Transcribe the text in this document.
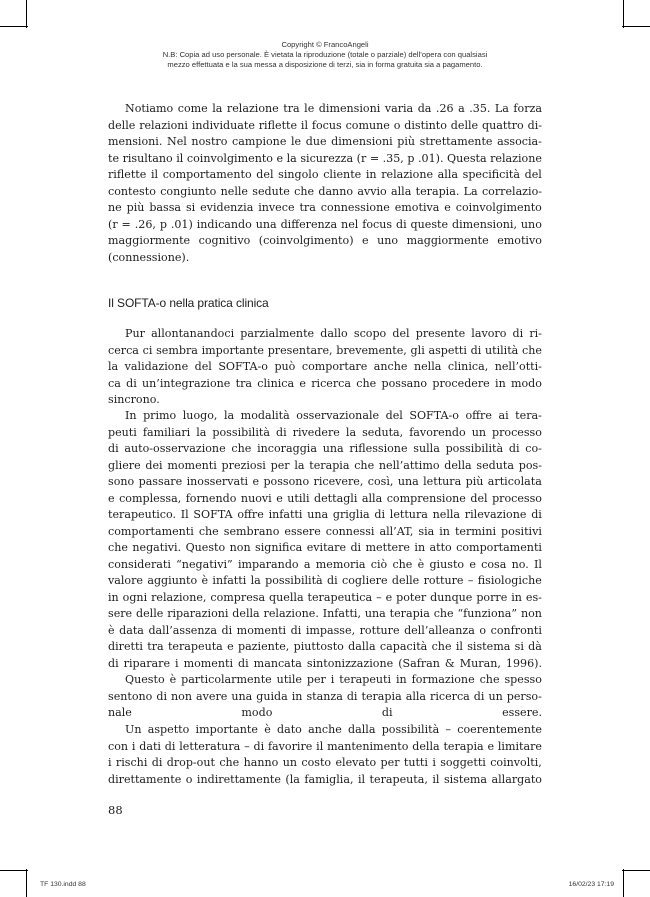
Copyright © FrancoAngeli
N.B: Copia ad uso personale. È vietata la riproduzione (totale o parziale) dell’opera con qualsiasi
mezzo effettuata e la sua messa a disposizione di terzi, sia in forma gratuita sia a pagamento.
Notiamo come la relazione tra le dimensioni varia da .26 a .35. La forza
delle relazioni individuate riflette il focus comune o distinto delle quattro di-
mensioni. Nel nostro campione le due dimensioni più strettamente associa-
te risultano il coinvolgimento e la sicurezza (r = .35, p .01). Questa relazione
riflette il comportamento del singolo cliente in relazione alla specificità del
contesto congiunto nelle sedute che danno avvio alla terapia. La correlazio-
ne più bassa si evidenzia invece tra connessione emotiva e coinvolgimento
(r = .26, p .01) indicando una differenza nel focus di queste dimensioni, uno
maggiormente cognitivo (coinvolgimento) e uno maggiormente emotivo
(connessione).
Il SOFTA-o nella pratica clinica
Pur allontanandoci parzialmente dallo scopo del presente lavoro di ri-
cerca ci sembra importante presentare, brevemente, gli aspetti di utilità che
la validazione del SOFTA-o può comportare anche nella clinica, nell’otti-
ca di un’integrazione tra clinica e ricerca che possano procedere in modo
sincrono.
In primo luogo, la modalità osservazionale del SOFTA-o offre ai tera-
peuti familiari la possibilità di rivedere la seduta, favorendo un processo
di auto-osservazione che incoraggia una riflessione sulla possibilità di co-
gliere dei momenti preziosi per la terapia che nell’attimo della seduta pos-
sono passare inosservati e possono ricevere, così, una lettura più articolata
e complessa, fornendo nuovi e utili dettagli alla comprensione del processo
terapeutico. Il SOFTA offre infatti una griglia di lettura nella rilevazione di
comportamenti che sembrano essere connessi all’AT, sia in termini positivi
che negativi. Questo non significa evitare di mettere in atto comportamenti
considerati “negativi” imparando a memoria ciò che è giusto e cosa no. Il
valore aggiunto è infatti la possibilità di cogliere delle rotture – fisiologiche
in ogni relazione, compresa quella terapeutica – e poter dunque porre in es-
sere delle riparazioni della relazione. Infatti, una terapia che “funziona” non
è data dall’assenza di momenti di impasse, rotture dell’alleanza o confronti
diretti tra terapeuta e paziente, piuttosto dalla capacità che il sistema si dà
di riparare i momenti di mancata sintonizzazione (Safran & Muran, 1996).
Questo è particolarmente utile per i terapeuti in formazione che spesso
sentono di non avere una guida in stanza di terapia alla ricerca di un perso-
nale modo di essere.
Un aspetto importante è dato anche dalla possibilità – coerentemente
con i dati di letteratura – di favorire il mantenimento della terapia e limitare
i rischi di drop-out che hanno un costo elevato per tutti i soggetti coinvolti,
direttamente o indirettamente (la famiglia, il terapeuta, il sistema allargato
88
TF 130.indd 88	16/02/23 17:19
